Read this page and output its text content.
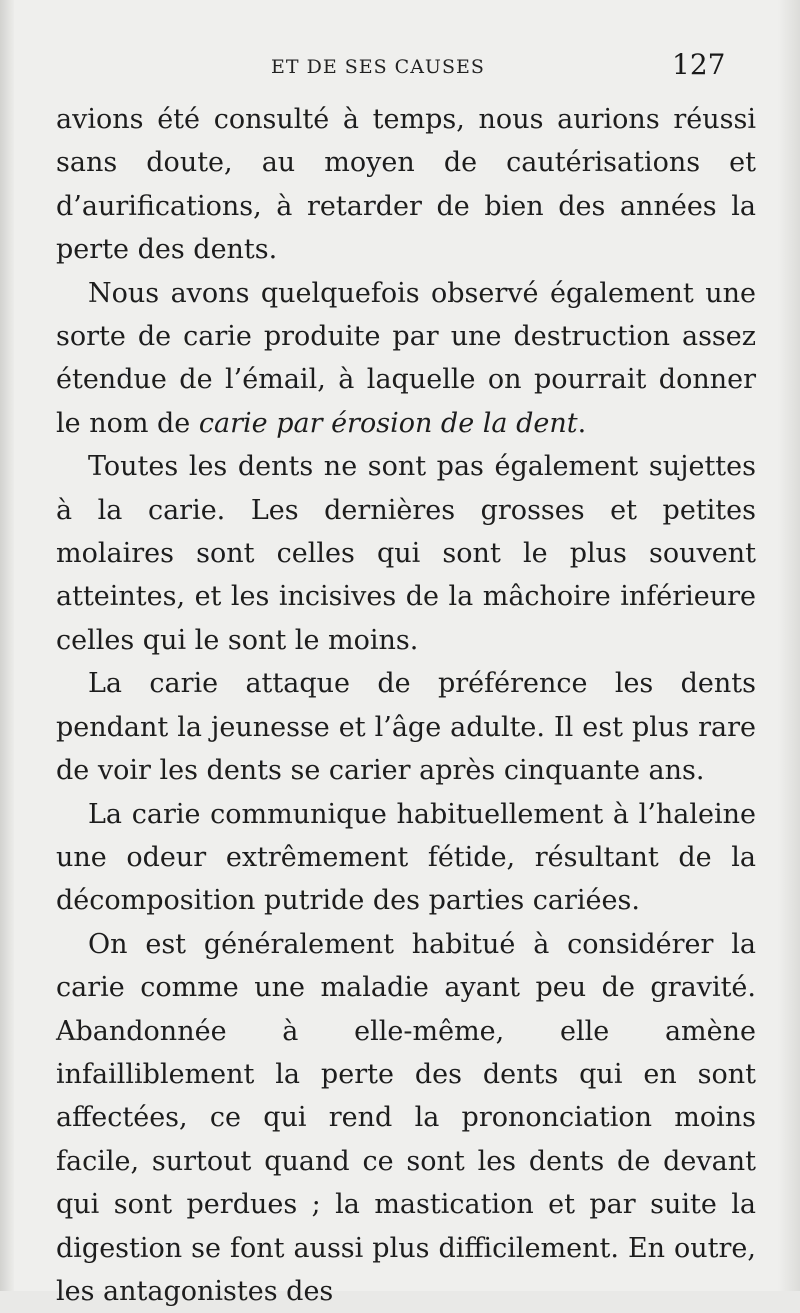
ET DE SES CAUSES	127

avions été consulté à temps, nous aurions réussi sans doute, au moyen de cautérisations et d’aurifications, à retarder de bien des années la perte des dents.

Nous avons quelquefois observé également une sorte de carie produite par une destruction assez étendue de l’émail, à laquelle on pourrait donner le nom de carie par érosion de la dent.

Toutes les dents ne sont pas également sujettes à la carie. Les dernières grosses et petites molaires sont celles qui sont le plus souvent atteintes, et les incisives de la mâchoire inférieure celles qui le sont le moins.

La carie attaque de préférence les dents pendant la jeunesse et l’âge adulte. Il est plus rare de voir les dents se carier après cinquante ans.

La carie communique habituellement à l’haleine une odeur extrêmement fétide, résultant de la décomposition putride des parties cariées.

On est généralement habitué à considérer la carie comme une maladie ayant peu de gravité. Abandonnée à elle-même, elle amène infailliblement la perte des dents qui en sont affectées, ce qui rend la prononciation moins facile, surtout quand ce sont les dents de devant qui sont perdues ; la mastication et par suite la digestion se font aussi plus difficilement. En outre, les antagonistes des
